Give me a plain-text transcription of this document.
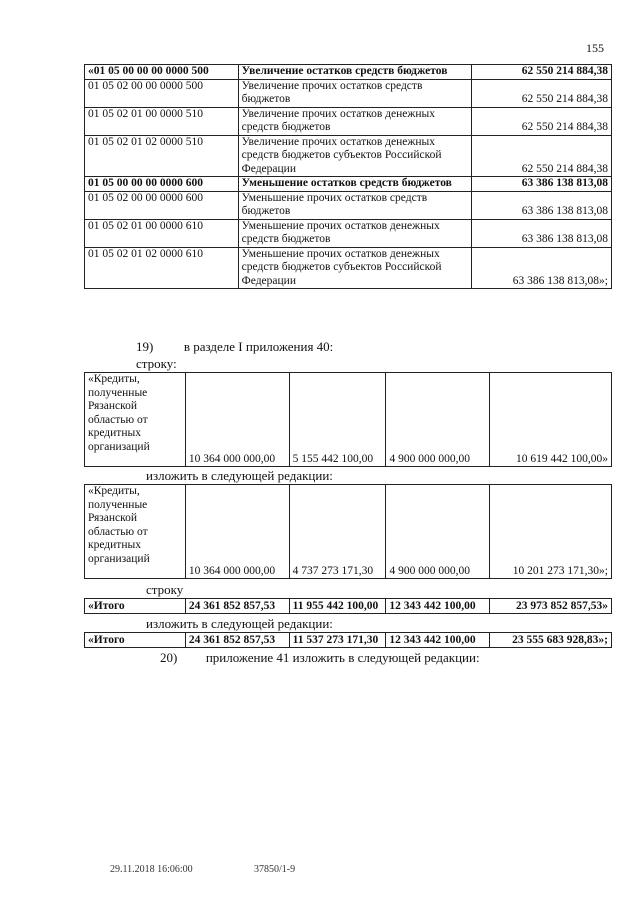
155
«01 05 00 00 00 0000 500	Увеличение остатков средств бюджетов	62 550 214 884,38
01 05 02 00 00 0000 500	Увеличение прочих остатков средств бюджетов	62 550 214 884,38
01 05 02 01 00 0000 510	Увеличение прочих остатков денежных средств бюджетов	62 550 214 884,38
01 05 02 01 02 0000 510	Увеличение прочих остатков денежных средств бюджетов субъектов Российской Федерации	62 550 214 884,38
01 05 00 00 00 0000 600	Уменьшение остатков средств бюджетов	63 386 138 813,08
01 05 02 00 00 0000 600	Уменьшение прочих остатков средств бюджетов	63 386 138 813,08
01 05 02 01 00 0000 610	Уменьшение прочих остатков денежных средств бюджетов	63 386 138 813,08
01 05 02 01 02 0000 610	Уменьшение прочих остатков денежных средств бюджетов субъектов Российской Федерации	63 386 138 813,08»;
19) в разделе I приложения 40:
строку:
«Кредиты, полученные Рязанской областью от кредитных организаций	10 364 000 000,00	5 155 442 100,00	4 900 000 000,00	10 619 442 100,00»
изложить в следующей редакции:
«Кредиты, полученные Рязанской областью от кредитных организаций	10 364 000 000,00	4 737 273 171,30	4 900 000 000,00	10 201 273 171,30»;
строку
«Итого	24 361 852 857,53	11 955 442 100,00	12 343 442 100,00	23 973 852 857,53»
изложить в следующей редакции:
«Итого	24 361 852 857,53	11 537 273 171,30	12 343 442 100,00	23 555 683 928,83»;
20) приложение 41 изложить в следующей редакции:
29.11.2018 16:06:00	37850/1-9
